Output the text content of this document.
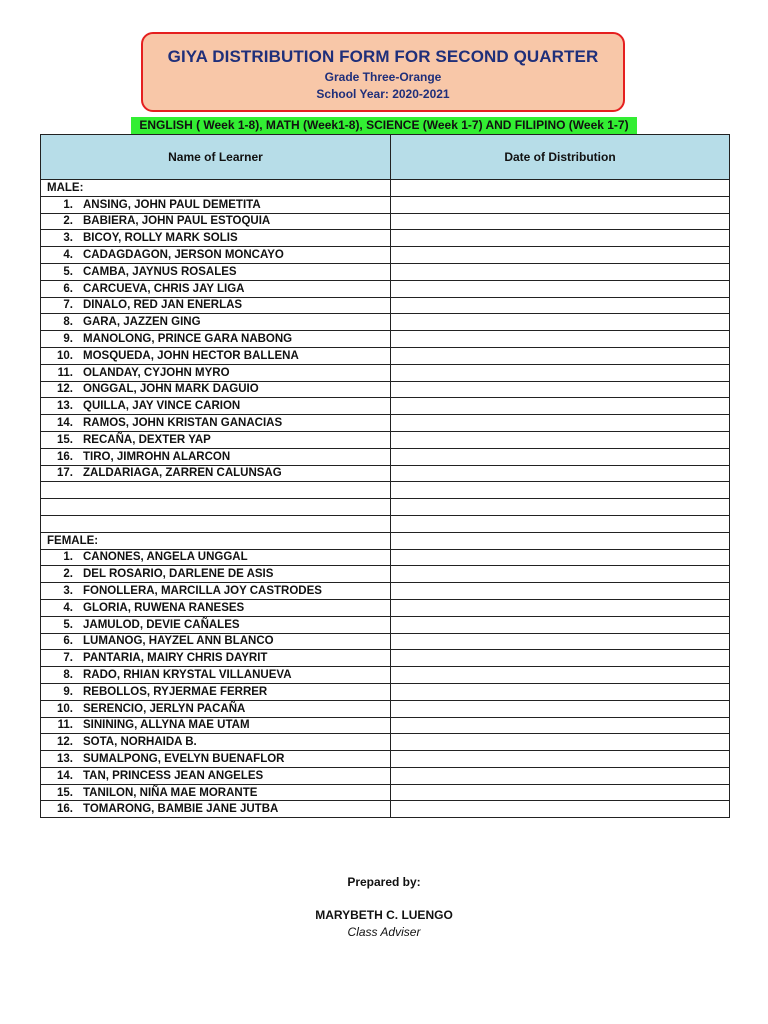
GIYA DISTRIBUTION FORM FOR SECOND QUARTER
Grade Three-Orange
School Year: 2020-2021
ENGLISH ( Week 1-8), MATH (Week1-8), SCIENCE (Week 1-7) AND FILIPINO (Week 1-7)
Name of Learner	Date of Distribution
MALE:	
1. ANSING, JOHN PAUL DEMETITA	
2. BABIERA, JOHN PAUL ESTOQUIA	
3. BICOY, ROLLY MARK SOLIS	
4. CADAGDAGON, JERSON MONCAYO	
5. CAMBA, JAYNUS ROSALES	
6. CARCUEVA, CHRIS JAY LIGA	
7. DINALO, RED JAN ENERLAS	
8. GARA, JAZZEN GING	
9. MANOLONG, PRINCE GARA NABONG	
10. MOSQUEDA, JOHN HECTOR BALLENA	
11. OLANDAY, CYJOHN MYRO	
12. ONGGAL, JOHN MARK DAGUIO	
13. QUILLA, JAY VINCE CARION	
14. RAMOS, JOHN KRISTAN GANACIAS	
15. RECAÑA, DEXTER YAP	
16. TIRO, JIMROHN ALARCON	
17. ZALDARIAGA, ZARREN CALUNSAG	

FEMALE:	
1. CANONES, ANGELA UNGGAL	
2. DEL ROSARIO, DARLENE DE ASIS	
3. FONOLLERA, MARCILLA JOY CASTRODES	
4. GLORIA, RUWENA RANESES	
5. JAMULOD, DEVIE CAÑALES	
6. LUMANOG, HAYZEL ANN BLANCO	
7. PANTARIA, MAIRY CHRIS DAYRIT	
8. RADO, RHIAN KRYSTAL VILLANUEVA	
9. REBOLLOS, RYJERMAE FERRER	
10. SERENCIO, JERLYN PACAÑA	
11. SININING, ALLYNA MAE UTAM	
12. SOTA, NORHAIDA B.	
13. SUMALPONG, EVELYN BUENAFLOR	
14. TAN, PRINCESS JEAN ANGELES	
15. TANILON, NIÑA MAE MORANTE	
16. TOMARONG, BAMBIE JANE JUTBA	
Prepared by:
MARYBETH C. LUENGO
Class Adviser
